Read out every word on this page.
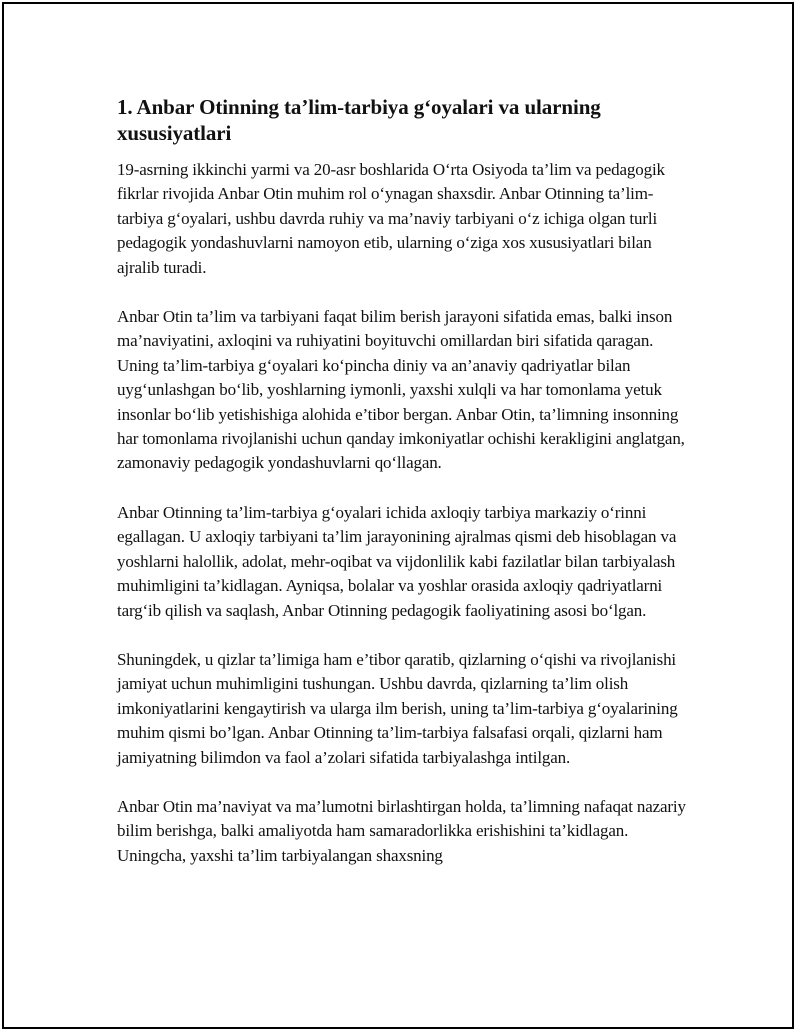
1. Anbar Otinning ta’lim-tarbiya g‘oyalari va ularning xususiyatlari

19-asrning ikkinchi yarmi va 20-asr boshlarida O‘rta Osiyoda ta’lim va pedagogik fikrlar rivojida Anbar Otin muhim rol o‘ynagan shaxsdir. Anbar Otinning ta’lim-tarbiya g‘oyalari, ushbu davrda ruhiy va ma’naviy tarbiyani o‘z ichiga olgan turli pedagogik yondashuvlarni namoyon etib, ularning o‘ziga xos xususiyatlari bilan ajralib turadi.

Anbar Otin ta’lim va tarbiyani faqat bilim berish jarayoni sifatida emas, balki inson ma’naviyatini, axloqini va ruhiyatini boyituvchi omillardan biri sifatida qaragan. Uning ta’lim-tarbiya g‘oyalari ko‘pincha diniy va an’anaviy qadriyatlar bilan uyg‘unlashgan bo‘lib, yoshlarning iymonli, yaxshi xulqli va har tomonlama yetuk insonlar bo‘lib yetishishiga alohida e’tibor bergan. Anbar Otin, ta’limning insonning har tomonlama rivojlanishi uchun qanday imkoniyatlar ochishi kerakligini anglatgan, zamonaviy pedagogik yondashuvlarni qo‘llagan.

Anbar Otinning ta’lim-tarbiya g‘oyalari ichida axloqiy tarbiya markaziy o‘rinni egallagan. U axloqiy tarbiyani ta’lim jarayonining ajralmas qismi deb hisoblagan va yoshlarni halollik, adolat, mehr-oqibat va vijdonlilik kabi fazilatlar bilan tarbiyalash muhimligini ta’kidlagan. Ayniqsa, bolalar va yoshlar orasida axloqiy qadriyatlarni targ‘ib qilish va saqlash, Anbar Otinning pedagogik faoliyatining asosi bo‘lgan.

Shuningdek, u qizlar ta’limiga ham e’tibor qaratib, qizlarning o‘qishi va rivojlanishi jamiyat uchun muhimligini tushungan. Ushbu davrda, qizlarning ta’lim olish imkoniyatlarini kengaytirish va ularga ilm berish, uning ta’lim-tarbiya g‘oyalarining muhim qismi bo’lgan. Anbar Otinning ta’lim-tarbiya falsafasi orqali, qizlarni ham jamiyatning bilimdon va faol a’zolari sifatida tarbiyalashga intilgan.

Anbar Otin ma’naviyat va ma’lumotni birlashtirgan holda, ta’limning nafaqat nazariy bilim berishga, balki amaliyotda ham samaradorlikka erishishini ta’kidlagan. Uningcha, yaxshi ta’lim tarbiyalangan shaxsning
